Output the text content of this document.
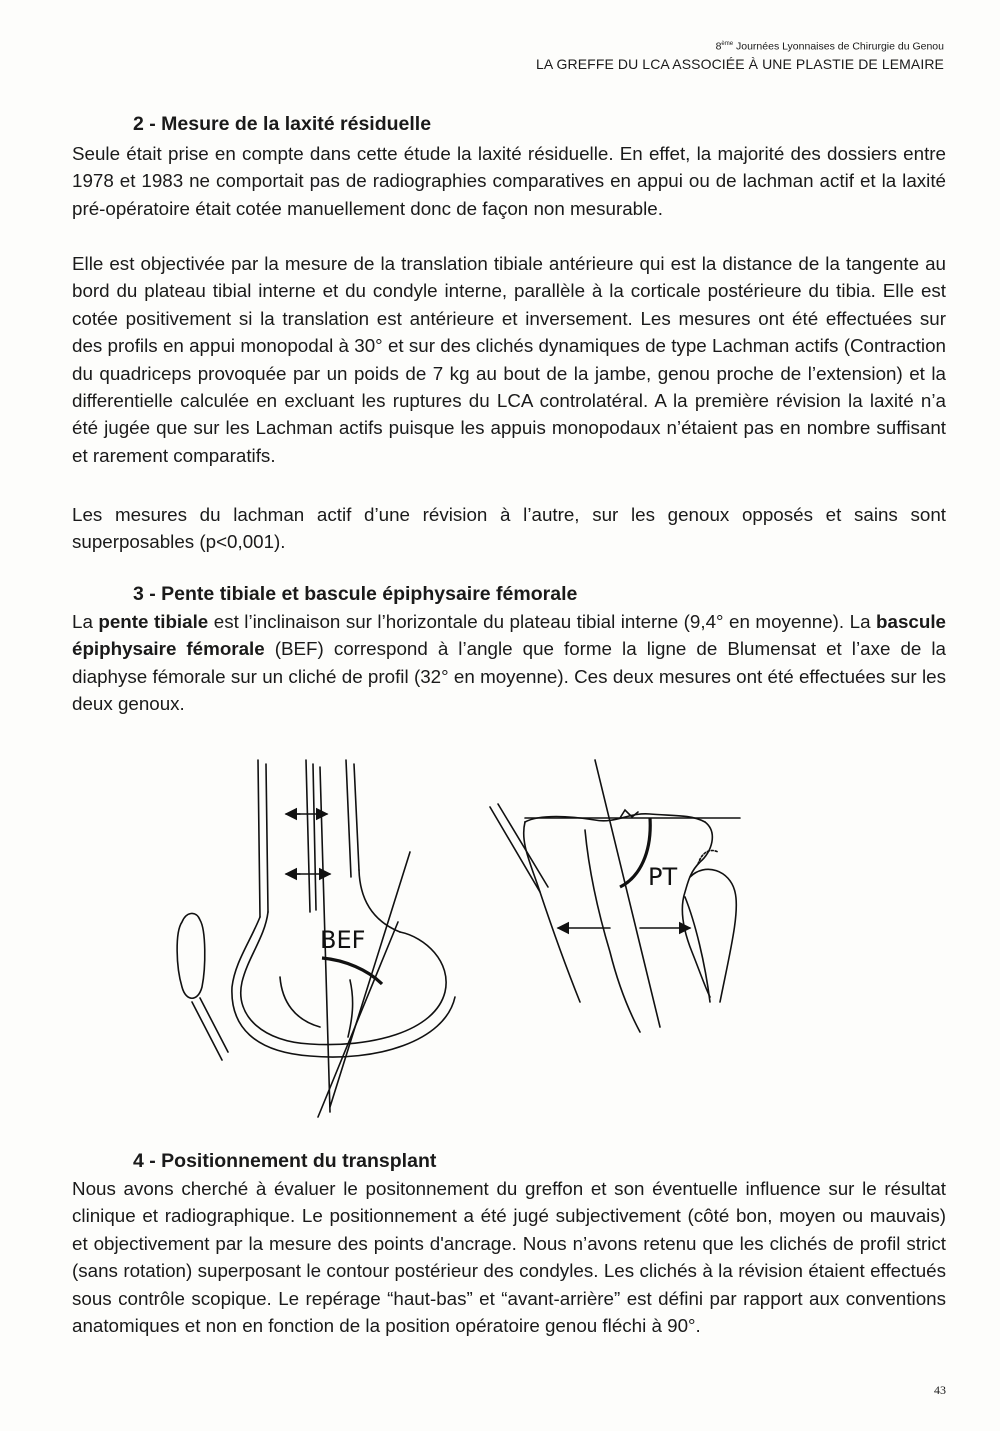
8ème Journées Lyonnaises de Chirurgie du Genou
LA GREFFE DU LCA ASSOCIÉE À UNE PLASTIE DE LEMAIRE
2 - Mesure de la laxité résiduelle

Seule était prise en compte dans cette étude la laxité résiduelle. En effet, la majorité des dossiers entre 1978 et 1983 ne comportait pas de radiographies comparatives en appui ou de lachman actif et la laxité pré-opératoire était cotée manuellement donc de façon non mesurable.

Elle est objectivée par la mesure de la translation tibiale antérieure qui est la distance de la tangente au bord du plateau tibial interne et du condyle interne, parallèle à la corticale postérieure du tibia. Elle est cotée positivement si la translation est antérieure et inversement. Les mesures ont été effectuées sur des profils en appui monopodal à 30° et sur des clichés dynamiques de type Lachman actifs (Contraction du quadriceps provoquée par un poids de 7 kg au bout de la jambe, genou proche de l’extension) et la differentielle calculée en excluant les ruptures du LCA controlatéral. A la première révision la laxité n’a été jugée que sur les Lachman actifs puisque les appuis monopodaux n’étaient pas en nombre suffisant et rarement comparatifs.

Les mesures du lachman actif d’une révision à l’autre, sur les genoux opposés et sains sont superposables (p<0,001).

3 - Pente tibiale et bascule épiphysaire fémorale

La pente tibiale est l’inclinaison sur l’horizontale du plateau tibial interne (9,4° en moyenne). La bascule épiphysaire fémorale (BEF) correspond à l’angle que forme la ligne de Blumensat et l’axe de la diaphyse fémorale sur un cliché de profil (32° en moyenne). Ces deux mesures ont été effectuées sur les deux genoux.

BEF
PT
4 - Positionnement du transplant

Nous avons cherché à évaluer le positonnement du greffon et son éventuelle influence sur le résultat clinique et radiographique. Le positionnement a été jugé subjectivement (côté bon, moyen ou mauvais) et objectivement par la mesure des points d'ancrage. Nous n’avons retenu que les clichés de profil strict (sans rotation) superposant le contour postérieur des condyles. Les clichés à la révision étaient effectués sous contrôle scopique. Le repérage “haut-bas” et “avant-arrière” est défini par rapport aux conventions anatomiques et non en fonction de la position opératoire genou fléchi à 90°.

43
